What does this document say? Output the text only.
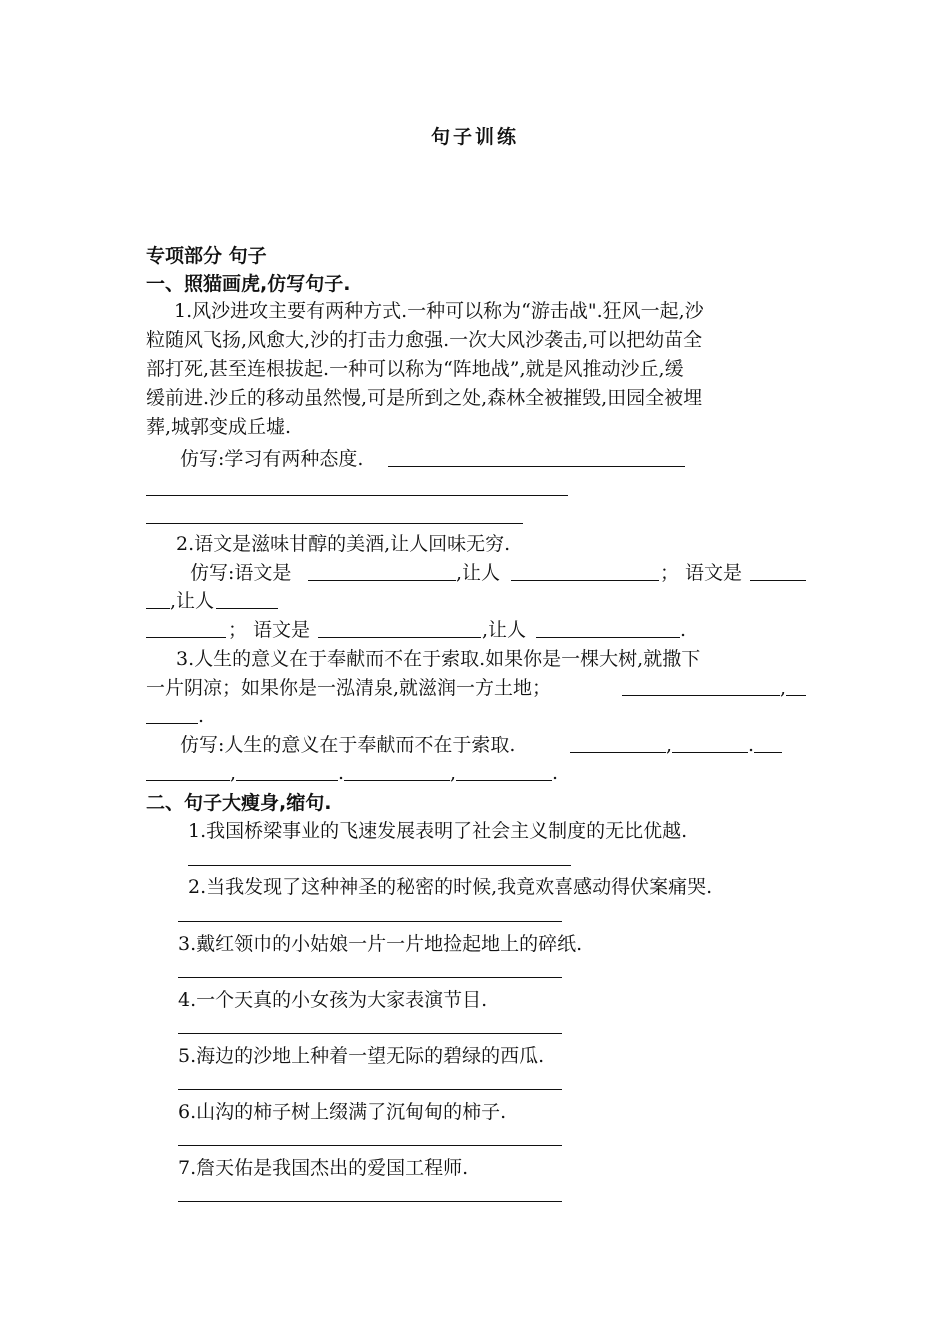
句子训练
专项部分 句子
一、照猫画虎,仿写句子.
1.风沙进攻主要有两种方式.一种可以称为“游击战".狂风一起,沙
粒随风飞扬,风愈大,沙的打击力愈强.一次大风沙袭击,可以把幼苗全
部打死,甚至连根拔起.一种可以称为“阵地战”,就是风推动沙丘,缓
缓前进.沙丘的移动虽然慢,可是所到之处,森林全被摧毁,田园全被埋
葬,城郭变成丘墟.
仿写:学习有两种态度.
2.语文是滋味甘醇的美酒,让人回味无穷.
仿写:语文是	,让人	； 语文是
,让人
； 语文是	,让人	.
3.人生的意义在于奉献而不在于索取.如果你是一棵大树,就撒下
一片阴凉；如果你是一泓清泉,就滋润一方土地；	,
.
仿写:人生的意义在于奉献而不在于索取.	,	.
,	.	,	.
二、句子大瘦身,缩句.
1.我国桥梁事业的飞速发展表明了社会主义制度的无比优越.
2.当我发现了这种神圣的秘密的时候,我竟欢喜感动得伏案痛哭.
3.戴红领巾的小姑娘一片一片地捡起地上的碎纸.
4.一个天真的小女孩为大家表演节目.
5.海边的沙地上种着一望无际的碧绿的西瓜.
6.山沟的柿子树上缀满了沉甸甸的柿子.
7.詹天佑是我国杰出的爱国工程师.
